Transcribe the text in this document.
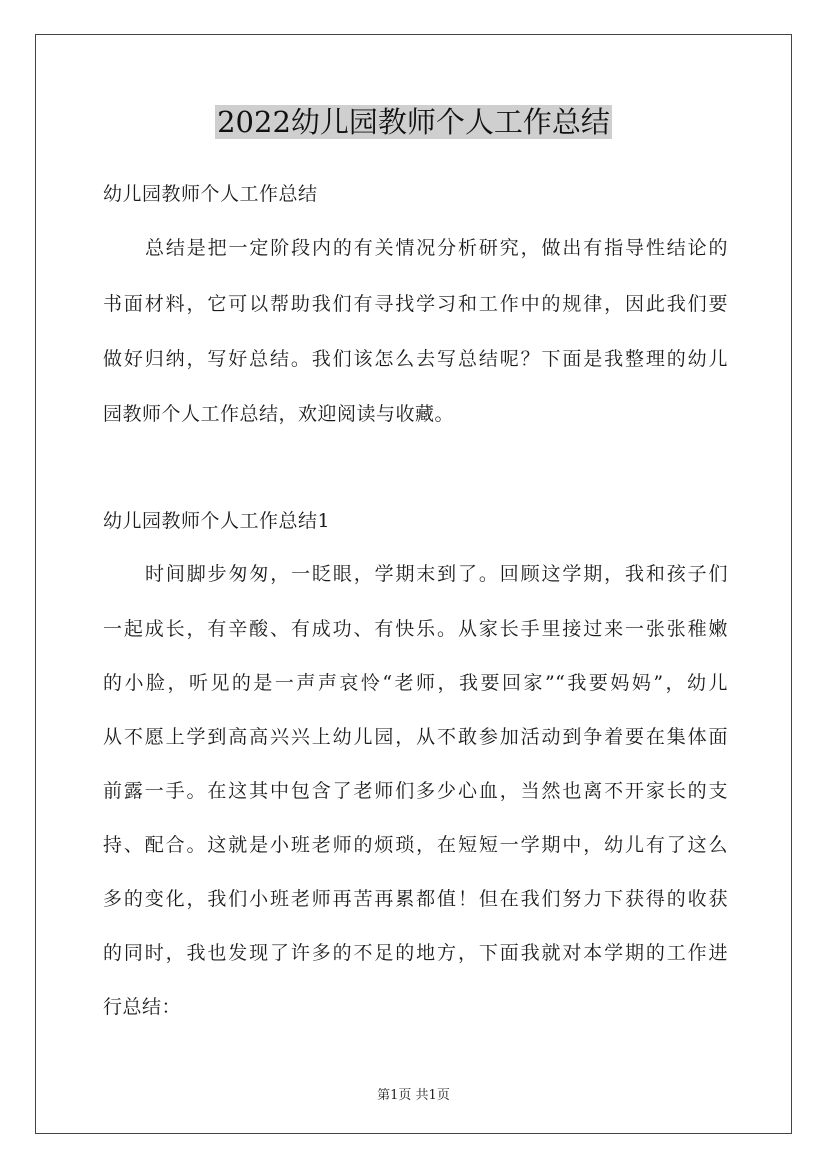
2022幼儿园教师个人工作总结
幼儿园教师个人工作总结
总结是把一定阶段内的有关情况分析研究，做出有指导性结论的
书面材料，它可以帮助我们有寻找学习和工作中的规律，因此我们要
做好归纳，写好总结。我们该怎么去写总结呢？下面是我整理的幼儿
园教师个人工作总结，欢迎阅读与收藏。
幼儿园教师个人工作总结1
时间脚步匆匆，一眨眼，学期末到了。回顾这学期，我和孩子们
一起成长，有辛酸、有成功、有快乐。从家长手里接过来一张张稚嫩
的小脸，听见的是一声声哀怜“老师，我要回家”“我要妈妈”，幼儿
从不愿上学到高高兴兴上幼儿园，从不敢参加活动到争着要在集体面
前露一手。在这其中包含了老师们多少心血，当然也离不开家长的支
持、配合。这就是小班老师的烦琐，在短短一学期中，幼儿有了这么
多的变化，我们小班老师再苦再累都值！但在我们努力下获得的收获
的同时，我也发现了许多的不足的地方，下面我就对本学期的工作进
行总结：
第1页 共1页
